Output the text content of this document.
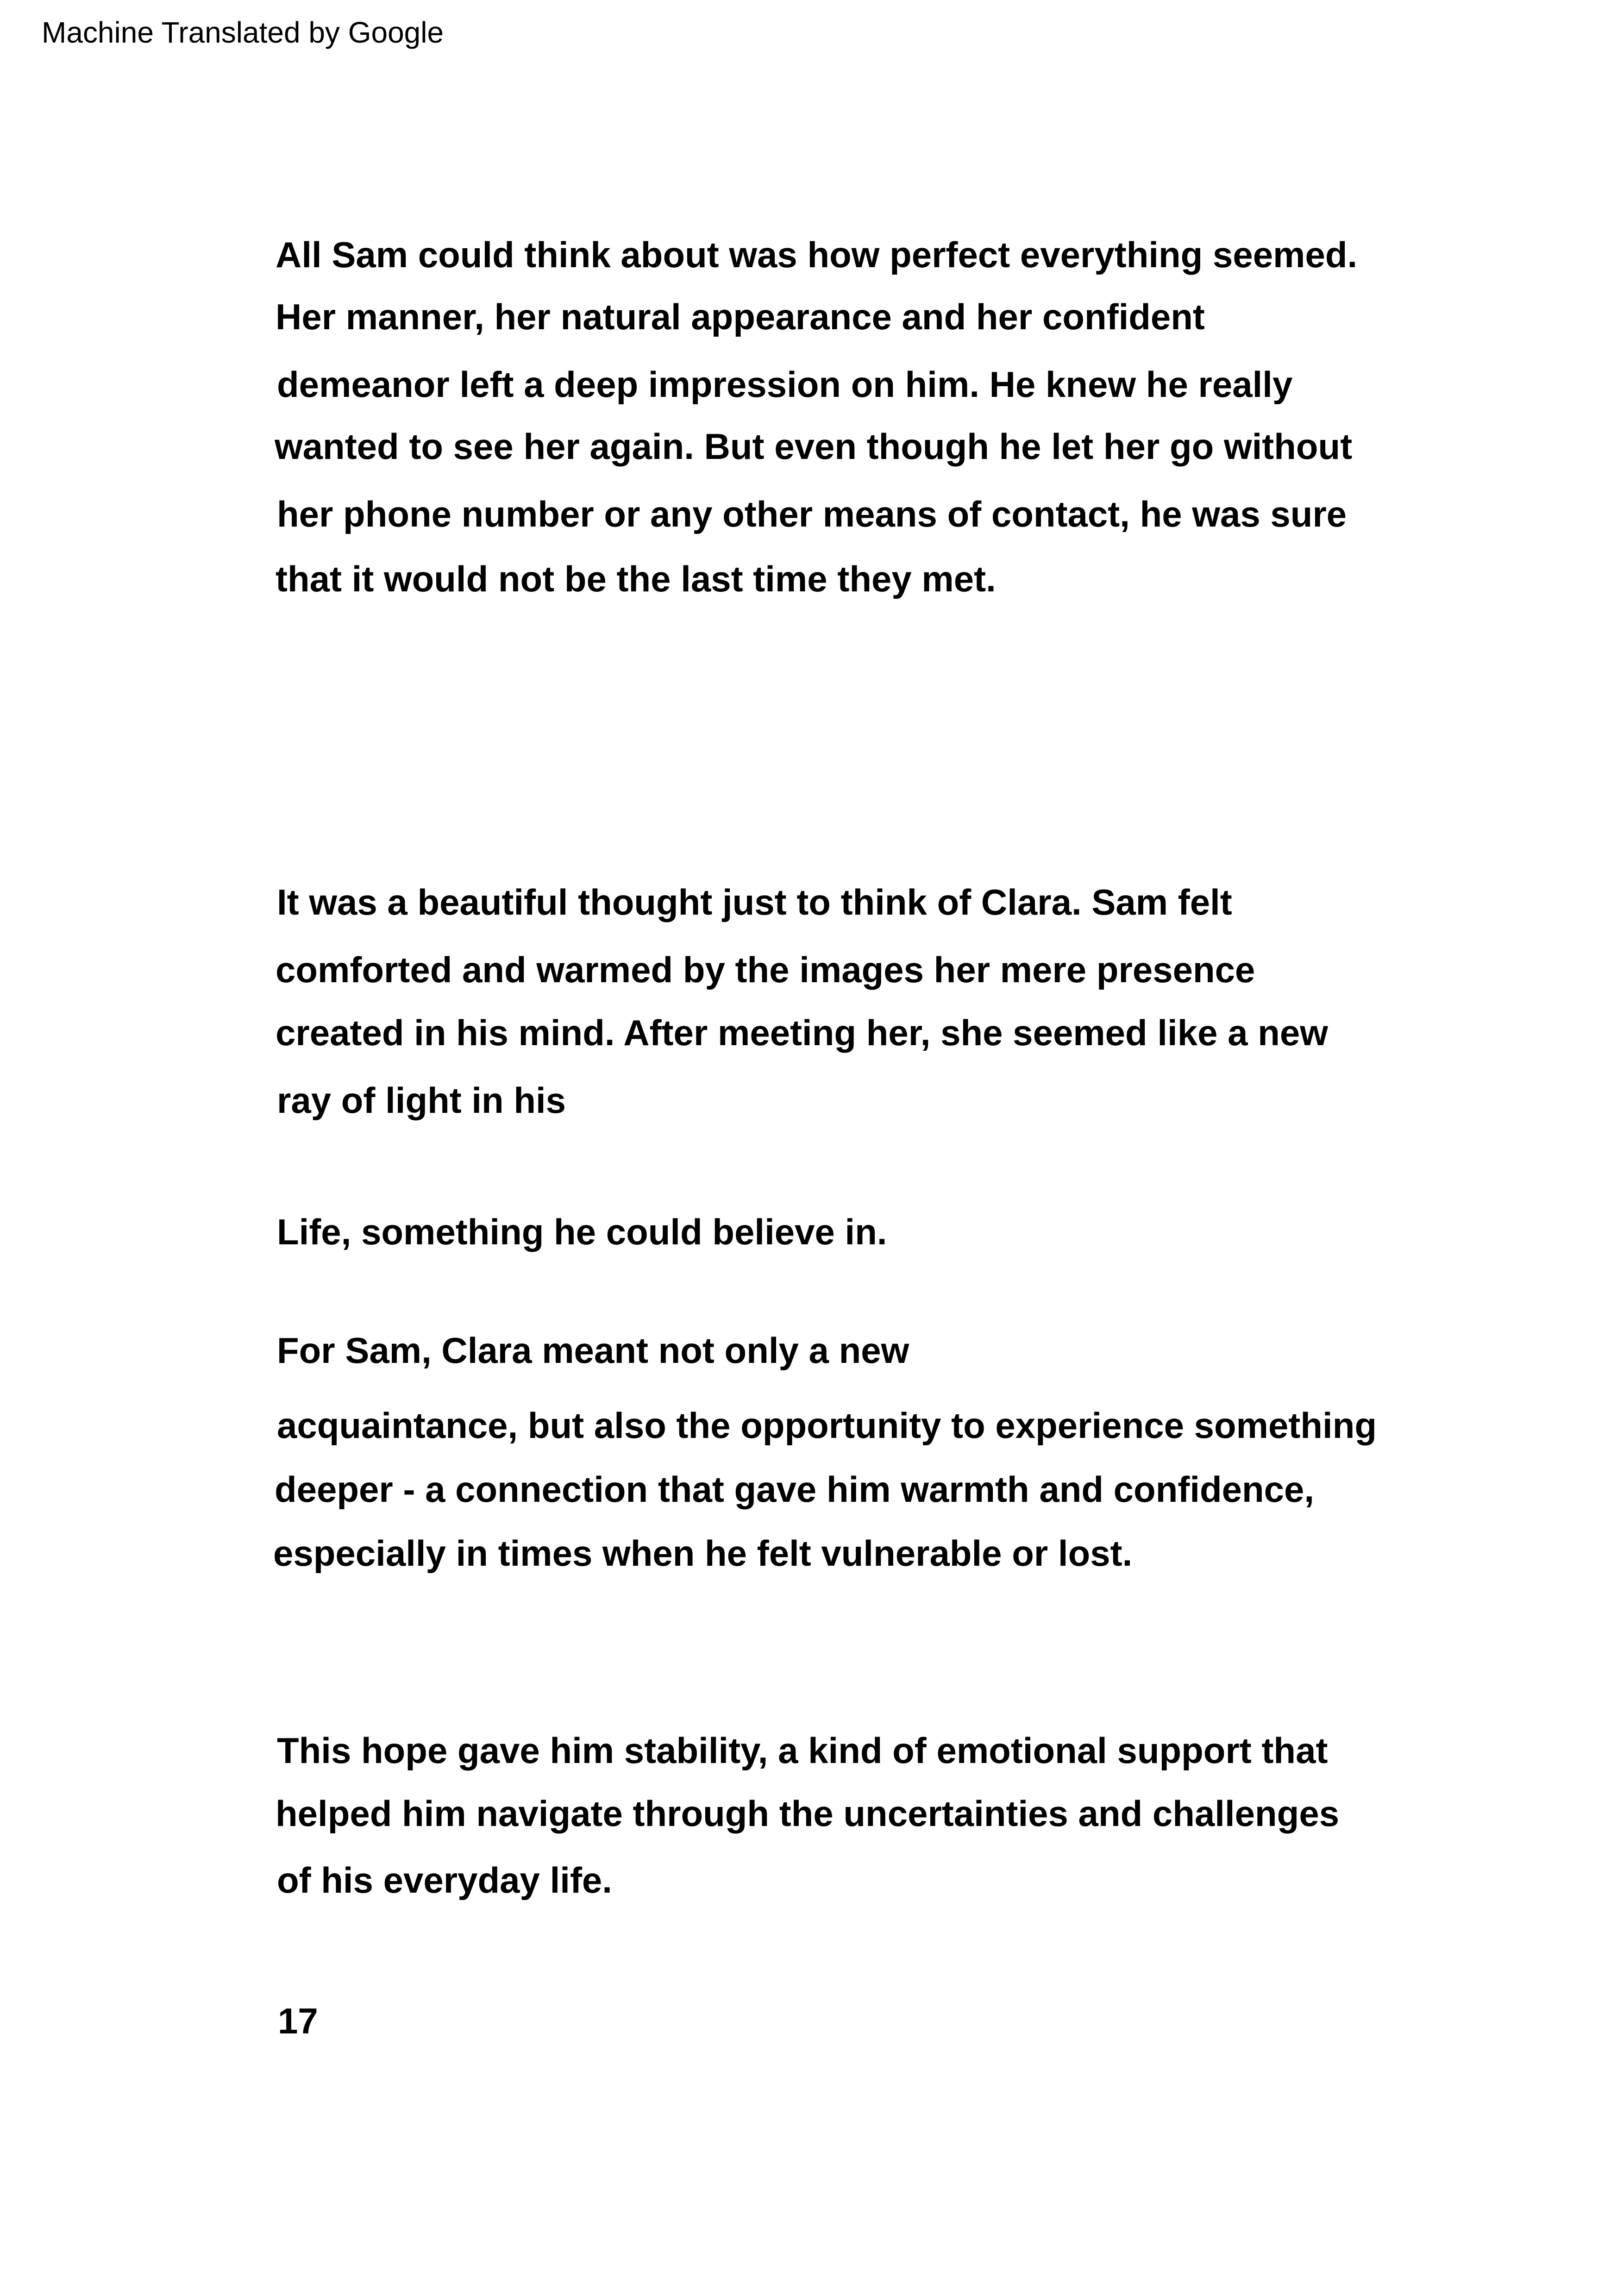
Machine Translated by Google
All Sam could think about was how perfect everything seemed.
Her manner, her natural appearance and her confident
demeanor left a deep impression on him. He knew he really
wanted to see her again. But even though he let her go without
her phone number or any other means of contact, he was sure
that it would not be the last time they met.
It was a beautiful thought just to think of Clara. Sam felt
comforted and warmed by the images her mere presence
created in his mind. After meeting her, she seemed like a new
ray of light in his
Life, something he could believe in.
For Sam, Clara meant not only a new
acquaintance, but also the opportunity to experience something
deeper - a connection that gave him warmth and confidence,
especially in times when he felt vulnerable or lost.
This hope gave him stability, a kind of emotional support that
helped him navigate through the uncertainties and challenges
of his everyday life.
17
